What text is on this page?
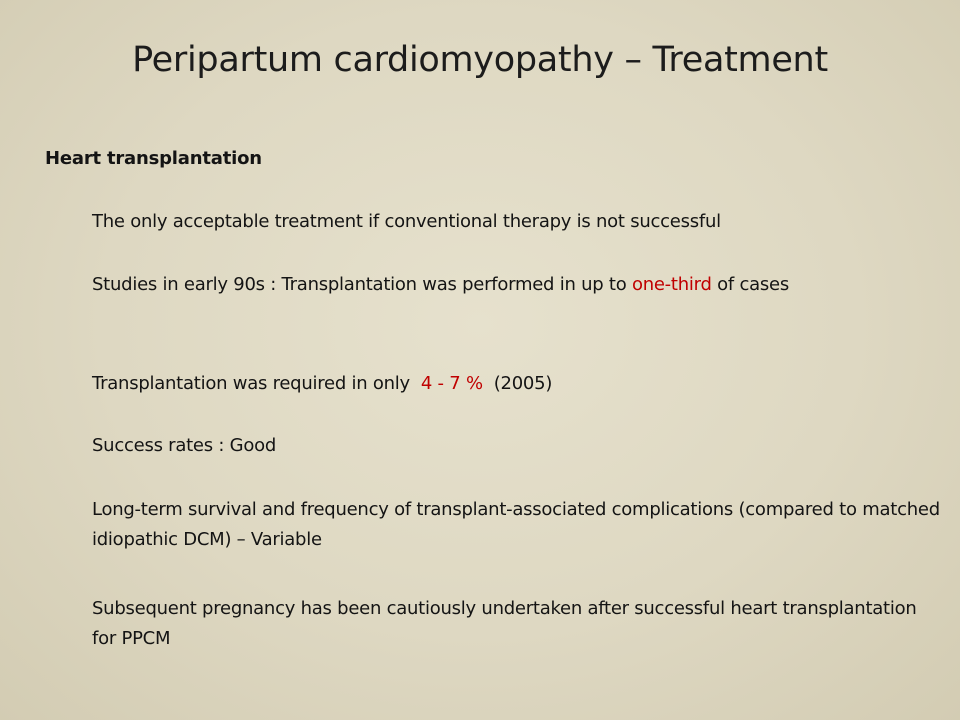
Peripartum cardiomyopathy – Treatment
Heart transplantation
The only acceptable treatment if conventional therapy is not successful
Studies in early 90s : Transplantation was performed in up to one-third of cases
Transplantation was required in only  4 - 7 %  (2005)
Success rates : Good
Long-term survival and frequency of transplant-associated complications (compared to matched idiopathic DCM) – Variable
Subsequent pregnancy has been cautiously undertaken after successful heart transplantation for PPCM
